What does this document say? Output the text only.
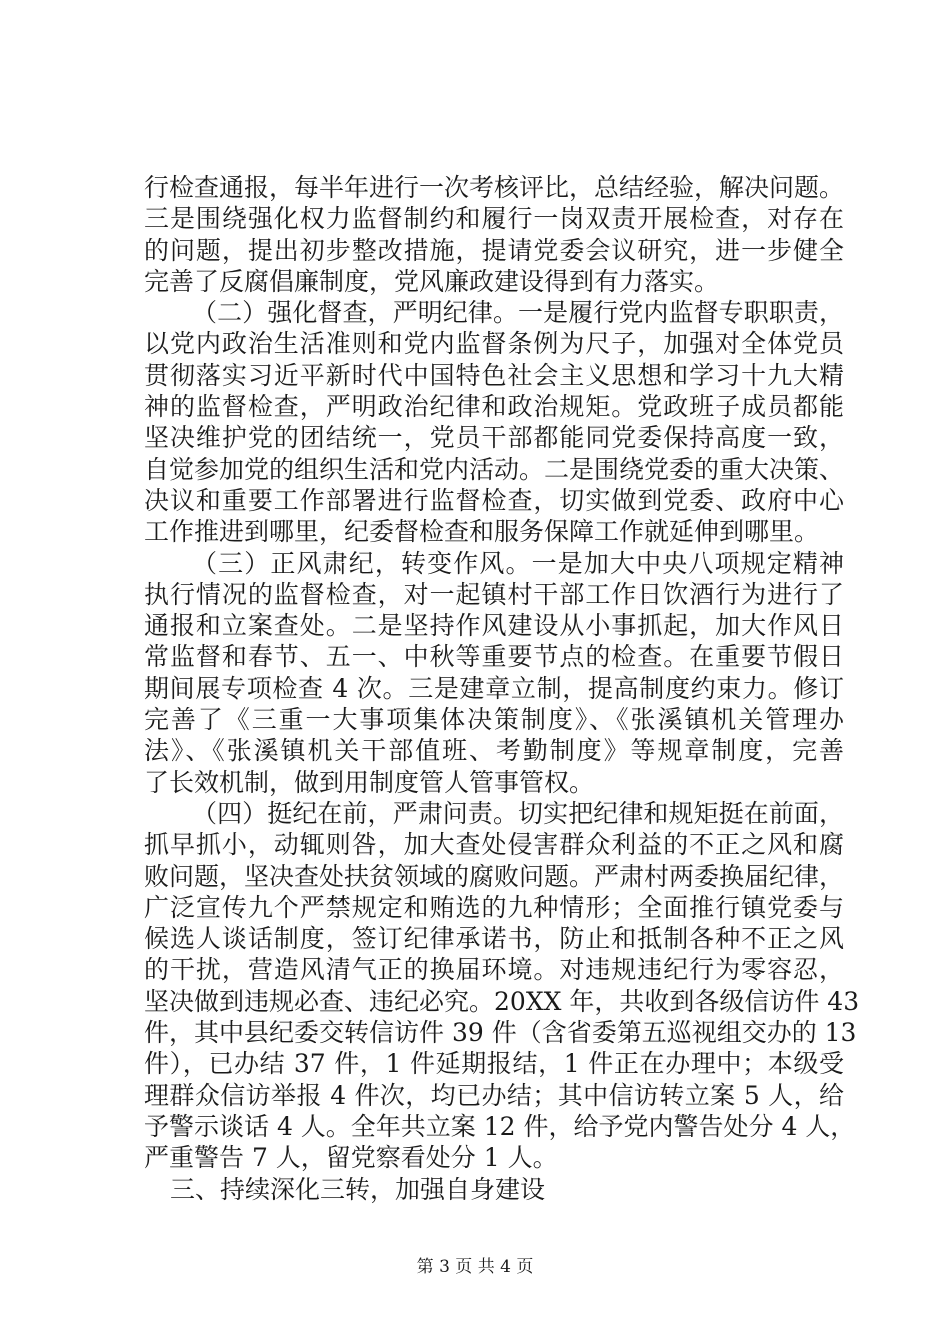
行检查通报，每半年进行一次考核评比，总结经验，解决问题。
三是围绕强化权力监督制约和履行一岗双责开展检查，对存在
的问题，提出初步整改措施，提请党委会议研究，进一步健全
完善了反腐倡廉制度，党风廉政建设得到有力落实。
（二）强化督查，严明纪律。一是履行党内监督专职职责，
以党内政治生活准则和党内监督条例为尺子，加强对全体党员
贯彻落实习近平新时代中国特色社会主义思想和学习十九大精
神的监督检查，严明政治纪律和政治规矩。党政班子成员都能
坚决维护党的团结统一，党员干部都能同党委保持高度一致，
自觉参加党的组织生活和党内活动。二是围绕党委的重大决策、
决议和重要工作部署进行监督检查，切实做到党委、政府中心
工作推进到哪里，纪委督检查和服务保障工作就延伸到哪里。
（三）正风肃纪，转变作风。一是加大中央八项规定精神
执行情况的监督检查，对一起镇村干部工作日饮酒行为进行了
通报和立案查处。二是坚持作风建设从小事抓起，加大作风日
常监督和春节、五一、中秋等重要节点的检查。在重要节假日
期间展专项检查 4 次。三是建章立制，提高制度约束力。修订
完善了《三重一大事项集体决策制度》、《张溪镇机关管理办
法》、《张溪镇机关干部值班、考勤制度》等规章制度，完善
了长效机制，做到用制度管人管事管权。
（四）挺纪在前，严肃问责。切实把纪律和规矩挺在前面，
抓早抓小，动辄则咎，加大查处侵害群众利益的不正之风和腐
败问题，坚决查处扶贫领域的腐败问题。严肃村两委换届纪律，
广泛宣传九个严禁规定和贿选的九种情形；全面推行镇党委与
候选人谈话制度，签订纪律承诺书，防止和抵制各种不正之风
的干扰，营造风清气正的换届环境。对违规违纪行为零容忍，
坚决做到违规必查、违纪必究。20XX 年，共收到各级信访件 43
件，其中县纪委交转信访件 39 件（含省委第五巡视组交办的 13
件），已办结 37 件，1 件延期报结，1 件正在办理中；本级受
理群众信访举报 4 件次，均已办结；其中信访转立案 5 人，给
予警示谈话 4 人。全年共立案 12 件，给予党内警告处分 4 人，
严重警告 7 人，留党察看处分 1 人。
三、持续深化三转，加强自身建设
第 3 页 共 4 页
